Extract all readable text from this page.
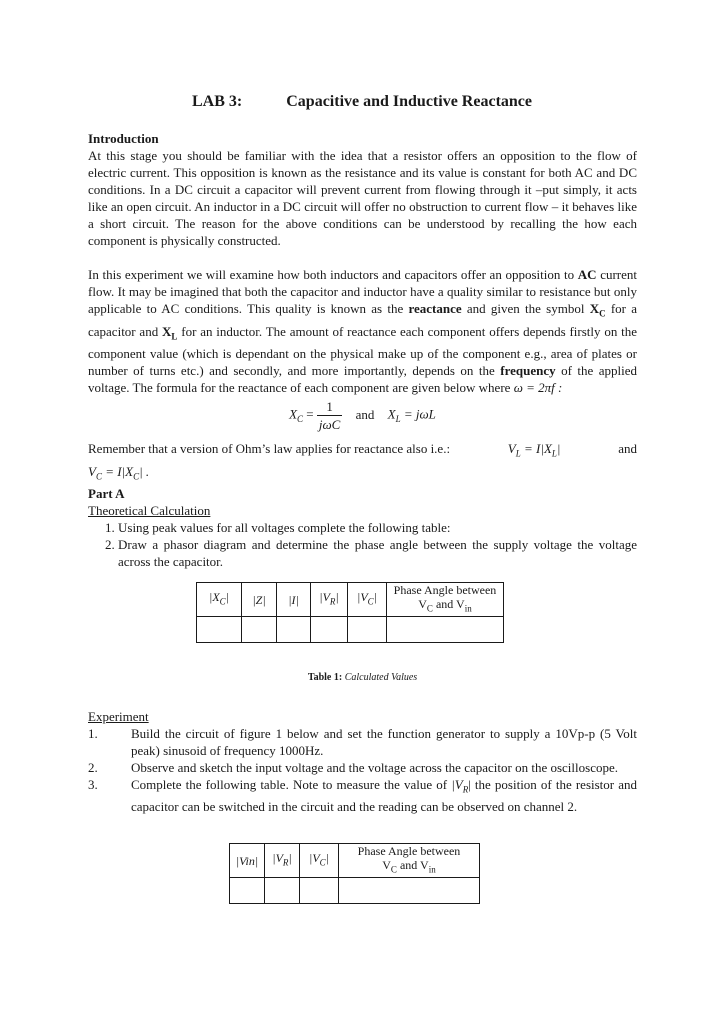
LAB 3:	Capacitive and Inductive Reactance

Introduction

At this stage you should be familiar with the idea that a resistor offers an opposition to the flow of electric current. This opposition is known as the resistance and its value is constant for both AC and DC conditions. In a DC circuit a capacitor will prevent current from flowing through it –put simply, it acts like an open circuit. An inductor in a DC circuit will offer no obstruction to current flow – it behaves like a short circuit. The reason for the above conditions can be understood by recalling the how each component is physically constructed.

In this experiment we will examine how both inductors and capacitors offer an opposition to AC current flow. It may be imagined that both the capacitor and inductor have a quality similar to resistance but only applicable to AC conditions. This quality is known as the reactance and given the symbol $X_C$ for a capacitor and $X_L$ for an inductor. The amount of reactance each component offers depends firstly on the component value (which is dependant on the physical make up of the component e.g., area of plates or number of turns etc.) and secondly, and more importantly, depends on the frequency of the applied voltage. The formula for the reactance of each component are given below where ω = 2πf :

$X_C = \frac{1}{\text{jωC}}$ and $X_L = j\omega L$
Remember that a version of Ohm’s law applies for reactance also i.e.:	$V_L = I|X_L|$	and

$V_C = I|X_C|$ .

Part A

Theoretical Calculation

1. Using peak values for all voltages complete the following table:
2. Draw a phasor diagram and determine the phase angle between the supply voltage the voltage across the capacitor.
$|X_C|$	|Z|	|I|	$|V_R|$	$|V_C|$	Phase Angle between
$V_C$ and $V_{in}$

Table 1: Calculated Values

Experiment

1.	Build the circuit of figure 1 below and set the function generator to supply a 10Vp-p (5 Volt peak) sinusoid of frequency 1000Hz.
2.	Observe and sketch the input voltage and the voltage across the capacitor on the oscilloscope.
3.	Complete the following table. Note to measure the value of $|V_R|$ the position of the resistor and capacitor can be switched in the circuit and the reading can be observed on channel 2.
|Vin|	$|V_R|$	$|V_C|$	Phase Angle between
$V_C$ and $V_{in}$
